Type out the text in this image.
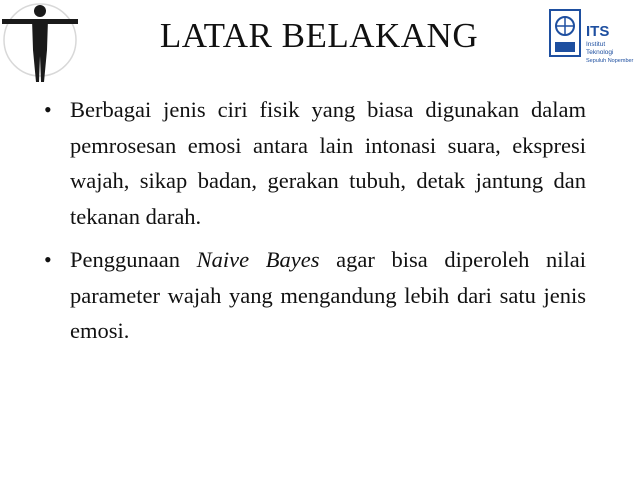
LATAR BELAKANG	ITS
Institut
Teknologi
Sepuluh Nopember
• Berbagai jenis ciri fisik yang biasa digunakan dalam pemrosesan emosi antara lain intonasi suara, ekspresi wajah, sikap badan, gerakan tubuh, detak jantung dan tekanan darah.
• Penggunaan Naive Bayes agar bisa diperoleh nilai parameter wajah yang mengandung lebih dari satu jenis emosi.
